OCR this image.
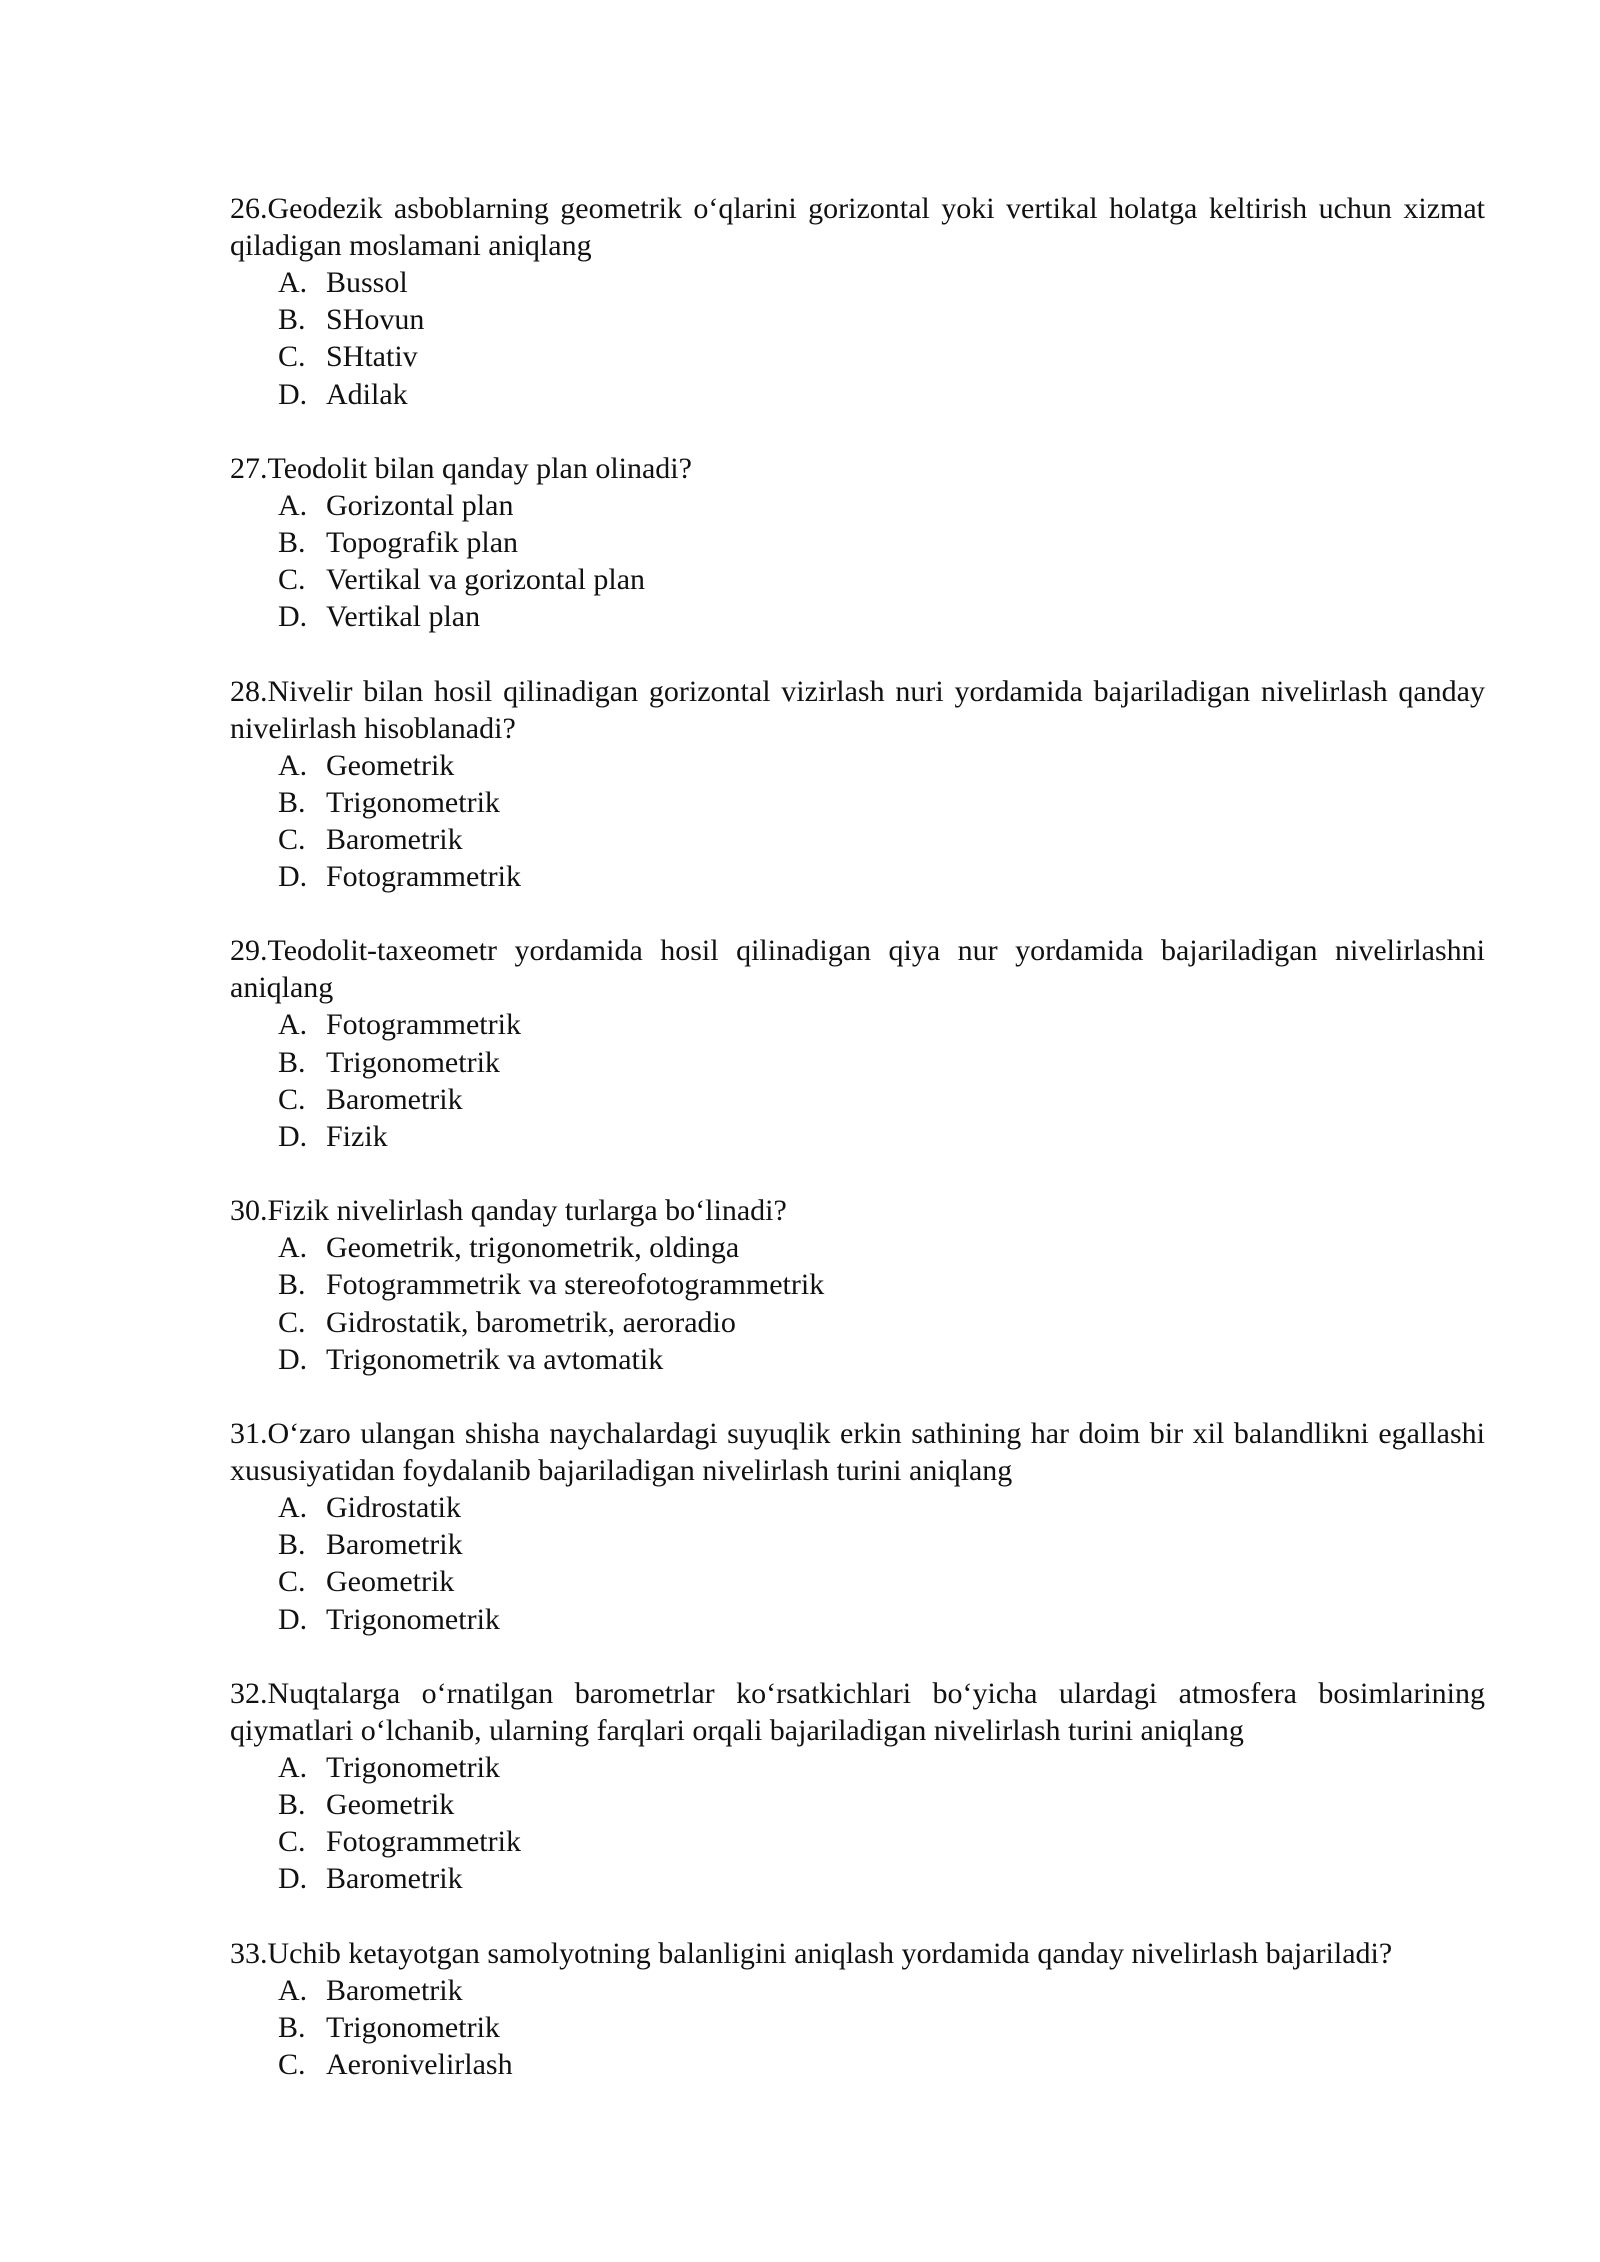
26.Geodezik asboblarning geometrik o‘qlarini gorizontal yoki vertikal holatga keltirish uchun xizmat qiladigan moslamani aniqlang

A. Bussol
B. SHovun
C. SHtativ
D. Adilak

27.Teodolit bilan qanday plan olinadi?

A. Gorizontal plan
B. Topografik plan
C. Vertikal va gorizontal plan
D. Vertikal plan

28.Nivelir bilan hosil qilinadigan gorizontal vizirlash nuri yordamida bajariladigan nivelirlash qanday nivelirlash hisoblanadi?

A. Geometrik
B. Trigonometrik
C. Barometrik
D. Fotogrammetrik

29.Teodolit-taxeometr yordamida hosil qilinadigan qiya nur yordamida bajariladigan nivelirlashni aniqlang

A. Fotogrammetrik
B. Trigonometrik
C. Barometrik
D. Fizik

30.Fizik nivelirlash qanday turlarga bo‘linadi?

A. Geometrik, trigonometrik, oldinga
B. Fotogrammetrik va stereofotogrammetrik
C. Gidrostatik, barometrik, aeroradio
D. Trigonometrik va avtomatik

31.O‘zaro ulangan shisha naychalardagi suyuqlik erkin sathining har doim bir xil balandlikni egallashi xususiyatidan foydalanib bajariladigan nivelirlash turini aniqlang

A. Gidrostatik
B. Barometrik
C. Geometrik
D. Trigonometrik

32.Nuqtalarga o‘rnatilgan barometrlar ko‘rsatkichlari bo‘yicha ulardagi atmosfera bosimlarining qiymatlari o‘lchanib, ularning farqlari orqali bajariladigan nivelirlash turini aniqlang

A. Trigonometrik
B. Geometrik
C. Fotogrammetrik
D. Barometrik

33.Uchib ketayotgan samolyotning balanligini aniqlash yordamida qanday nivelirlash bajariladi?

A. Barometrik
B. Trigonometrik
C. Aeronivelirlash
